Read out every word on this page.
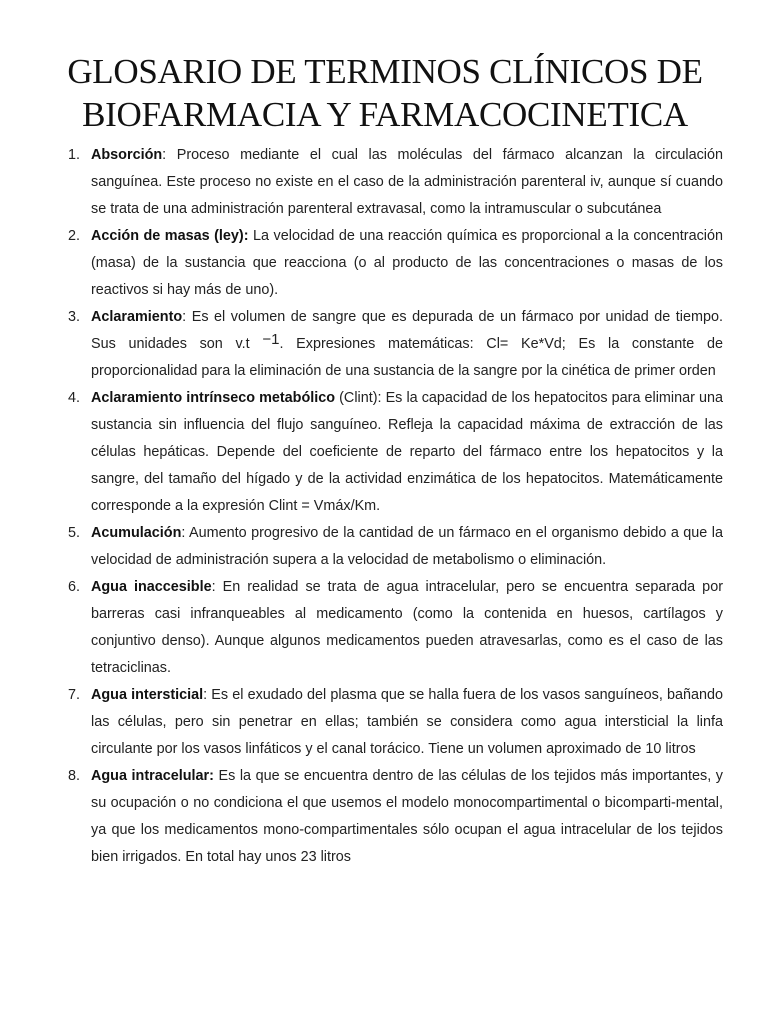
GLOSARIO DE TERMINOS CLÍNICOS DE
BIOFARMACIA Y FARMACOCINETICA
1. Absorción: Proceso mediante el cual las moléculas del fármaco alcanzan la circulación sanguínea. Este proceso no existe en el caso de la administración parenteral iv, aunque sí cuando se trata de una administración parenteral extravasal, como la intramuscular o subcutánea
2. Acción de masas (ley): La velocidad de una reacción química es proporcional a la concentración (masa) de la sustancia que reacciona (o al producto de las concentraciones o masas de los reactivos si hay más de uno).
3. Aclaramiento: Es el volumen de sangre que es depurada de un fármaco por unidad de tiempo. Sus unidades son v.t $^{-1}$. Expresiones matemáticas: Cl= Ke*Vd; Es la constante de proporcionalidad para la eliminación de una sustancia de la sangre por la cinética de primer orden
4. Aclaramiento intrínseco metabólico (Clint): Es la capacidad de los hepatocitos para eliminar una sustancia sin influencia del flujo sanguíneo. Refleja la capacidad máxima de extracción de las células hepáticas. Depende del coeficiente de reparto del fármaco entre los hepatocitos y la sangre, del tamaño del hígado y de la actividad enzimática de los hepatocitos. Matemáticamente corresponde a la expresión Clint = Vmáx/Km.
5. Acumulación: Aumento progresivo de la cantidad de un fármaco en el organismo debido a que la velocidad de administración supera a la velocidad de metabolismo o eliminación.
6. Agua inaccesible: En realidad se trata de agua intracelular, pero se encuentra separada por barreras casi infranqueables al medicamento (como la contenida en huesos, cartílagos y conjuntivo denso). Aunque algunos medicamentos pueden atravesarlas, como es el caso de las tetraciclinas.
7. Agua intersticial: Es el exudado del plasma que se halla fuera de los vasos sanguíneos, bañando las células, pero sin penetrar en ellas; también se considera como agua intersticial la linfa circulante por los vasos linfáticos y el canal torácico. Tiene un volumen aproximado de 10 litros
8. Agua intracelular: Es la que se encuentra dentro de las células de los tejidos más importantes, y su ocupación o no condiciona el que usemos el modelo monocompartimental o bicomparti-mental, ya que los medicamentos mono-compartimentales sólo ocupan el agua intracelular de los tejidos bien irrigados. En total hay unos 23 litros
